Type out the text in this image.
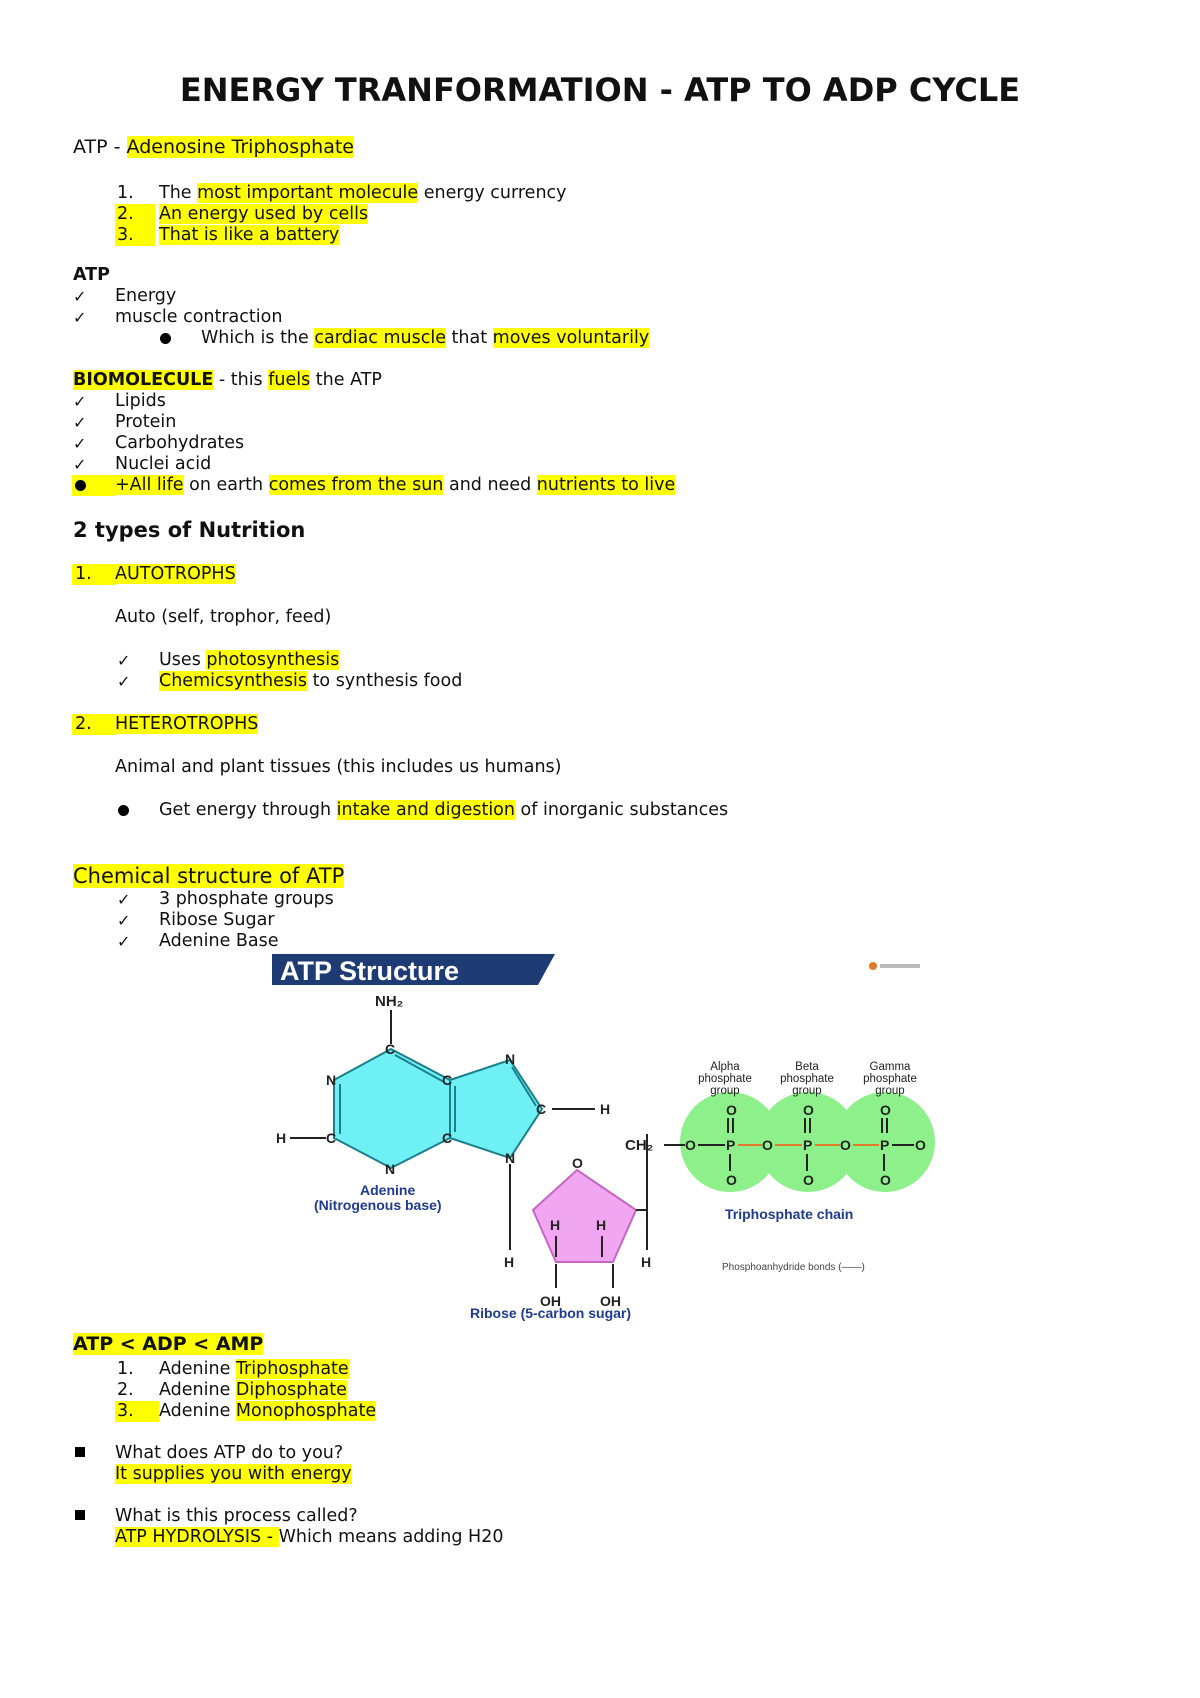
ENERGY TRANFORMATION - ATP TO ADP CYCLE
ATP - Adenosine Triphosphate
1.
2.
3.
The most important molecule energy currency
An energy used by cells
That is like a battery
ATP
✓ Energy
✓ muscle contraction
Which is the cardiac muscle that moves voluntarily
BIOMOLECULE - this fuels the ATP
✓ Lipids
✓ Protein
✓ Carbohydrates
✓ Nuclei acid
+All life on earth comes from the sun and need nutrients to live
2 types of Nutrition
1. AUTOTROPHS
Auto (self, trophor, feed)
✓ Uses photosynthesis
✓ Chemicsynthesis to synthesis food
2. HETEROTROPHS
Animal and plant tissues (this includes us humans)
Get energy through intake and digestion of inorganic substances
Chemical structure of ATP
✓ 3 phosphate groups
✓ Ribose Sugar
✓ Adenine Base
ATP Structure
NH₂
C
C
C
C
N
N
N
C
N
H
H
Adenine
(Nitrogenous base)
H
O
H	H
OH	OH
H
Ribose (5-carbon sugar)
CH₂ O P O P O P O
O
O
O
O
O
O
Alpha
phosphate
group
Beta
phosphate
group
Gamma
phosphate
group
Triphosphate chain
Phosphoanhydride bonds (——)
ATP < ADP < AMP
1. Adenine Triphosphate
2. Adenine Diphosphate
3. Adenine Monophosphate
What does ATP do to you?
It supplies you with energy
What is this process called?
ATP HYDROLYSIS - Which means adding H20
